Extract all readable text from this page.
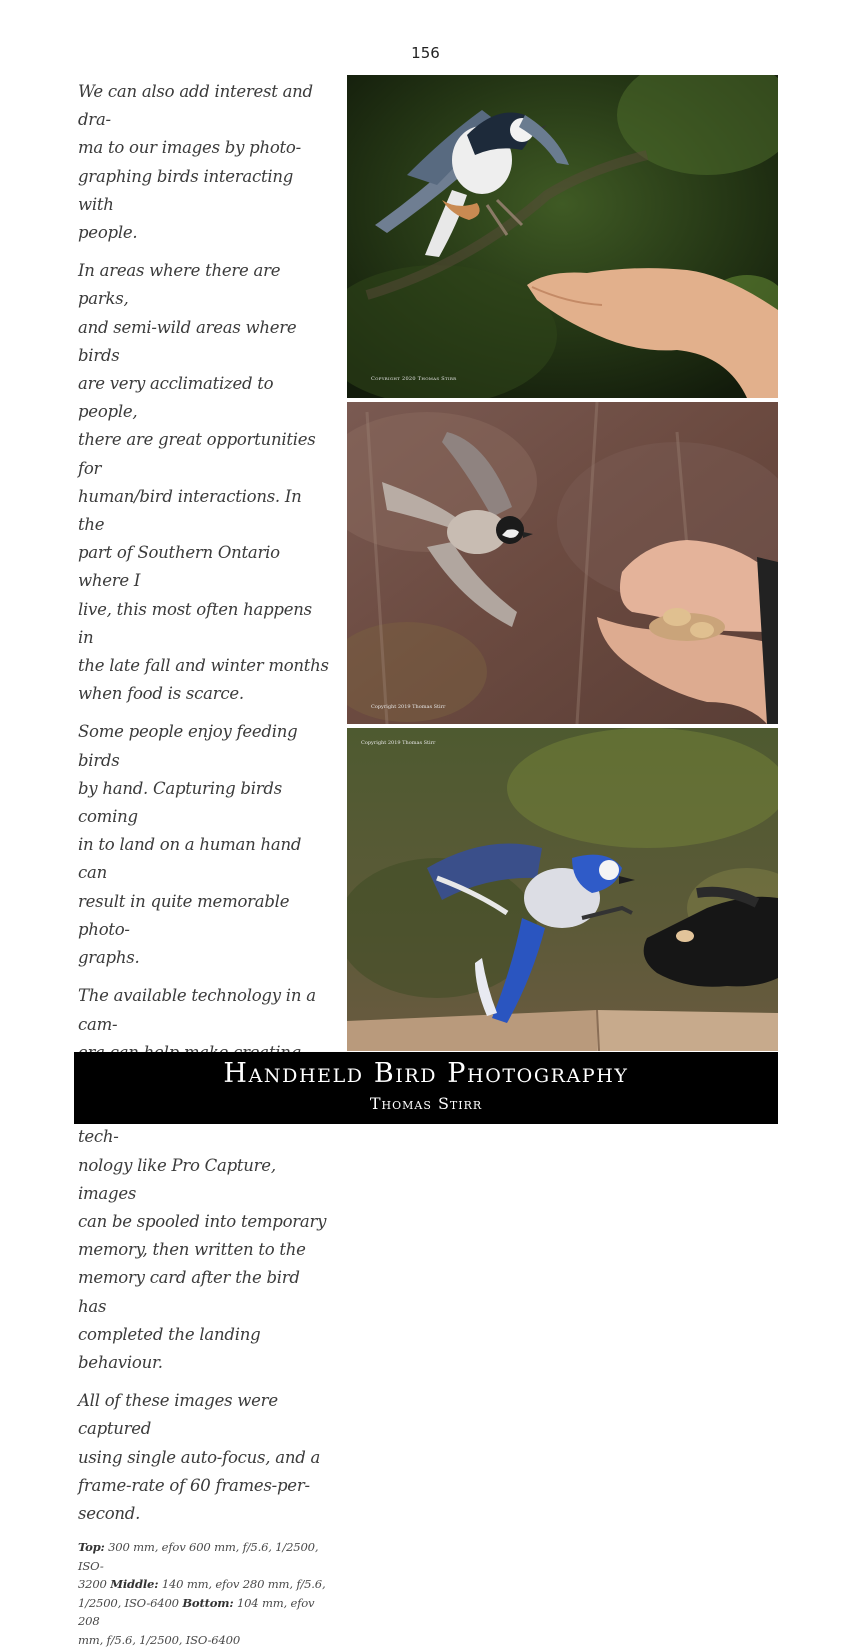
156

We can also add interest and dra-
ma to our images by photo-
graphing birds interacting with
people.

In areas where there are parks,
and semi-wild areas where birds
are very acclimatized to people,
there are great opportunities for
human/bird interactions. In the
part of Southern Ontario where I
live, this most often happens in
the late fall and winter months
when food is scarce.

Some people enjoy feeding birds
by hand. Capturing birds coming
in to land on a human hand can
result in quite memorable photo-
graphs.

The available technology in a cam-

tech-
nology like Pro Capture, images
can be spooled into temporary
memory, then written to the
memory card after the bird has
completed the landing behaviour.

All of these images were captured
using single auto-focus, and a
frame-rate of 60 frames-per-
second.

Top: 300 mm, efov 600 mm, f/5.6, 1/2500, ISO-
3200 Middle: 140 mm, efov 280 mm, f/5.6,
1/2500, ISO-6400 Bottom: 104 mm, efov 208
mm, f/5.6, 1/2500, ISO-6400

Copyright 2020 Thomas Stirr
Copyright 2019 Thomas Stirr
Copyright 2019 Thomas Stirr
Handheld Bird Photography
Thomas Stirr
